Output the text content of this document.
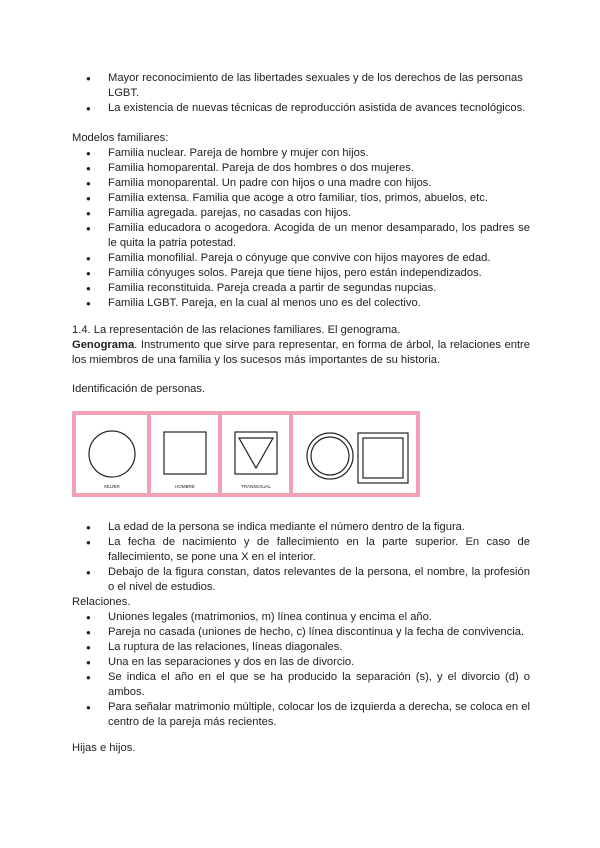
● Mayor reconocimiento de las libertades sexuales y de los derechos de las personas LGBT.
● La existencia de nuevas técnicas de reproducción asistida de avances tecnológicos.

Modelos familiares:

● Familia nuclear. Pareja de hombre y mujer con hijos.
● Familia homoparental. Pareja de dos hombres o dos mujeres.
● Familia monoparental. Un padre con hijos o una madre con hijos.
● Familia extensa. Familia que acoge a otro familiar, tíos, primos, abuelos, etc.
● Familia agregada. parejas, no casadas con hijos.
● Familia educadora o acogedora. Acogida de un menor desamparado, los padres se le quita la patria potestad.
● Familia monofilial. Pareja o cónyuge que convive con hijos mayores de edad.
● Familia cónyuges solos. Pareja que tiene hijos, pero están independizados.
● Familia reconstituida. Pareja creada a partir de segundas nupcias.
● Familia LGBT. Pareja, en la cual al menos uno es del colectivo.

1.4. La representación de las relaciones familiares. El genograma.

Genograma. Instrumento que sirve para representar, en forma de árbol, la relaciones entre los miembros de una familia y los sucesos más importantes de su historia.

Identificación de personas.

MUJER	HOMBRE	TRANSEXUAL
● La edad de la persona se indica mediante el número dentro de la figura.
● La fecha de nacimiento y de fallecimiento en la parte superior. En caso de fallecimiento, se pone una X en el interior.
● Debajo de la figura constan, datos relevantes de la persona, el nombre, la profesión o el nivel de estudios.

Relaciones.

● Uniones legales (matrimonios, m) línea continua y encima el año.
● Pareja no casada (uniones de hecho, c) línea discontinua y la fecha de convivencia.
● La ruptura de las relaciones, líneas diagonales.
● Una en las separaciones y dos en las de divorcio.
● Se indica el año en el que se ha producido la separación (s), y el divorcio (d) o ambos.
● Para señalar matrimonio múltiple, colocar los de izquierda a derecha, se coloca en el centro de la pareja más recientes.

Hijas e hijos.
